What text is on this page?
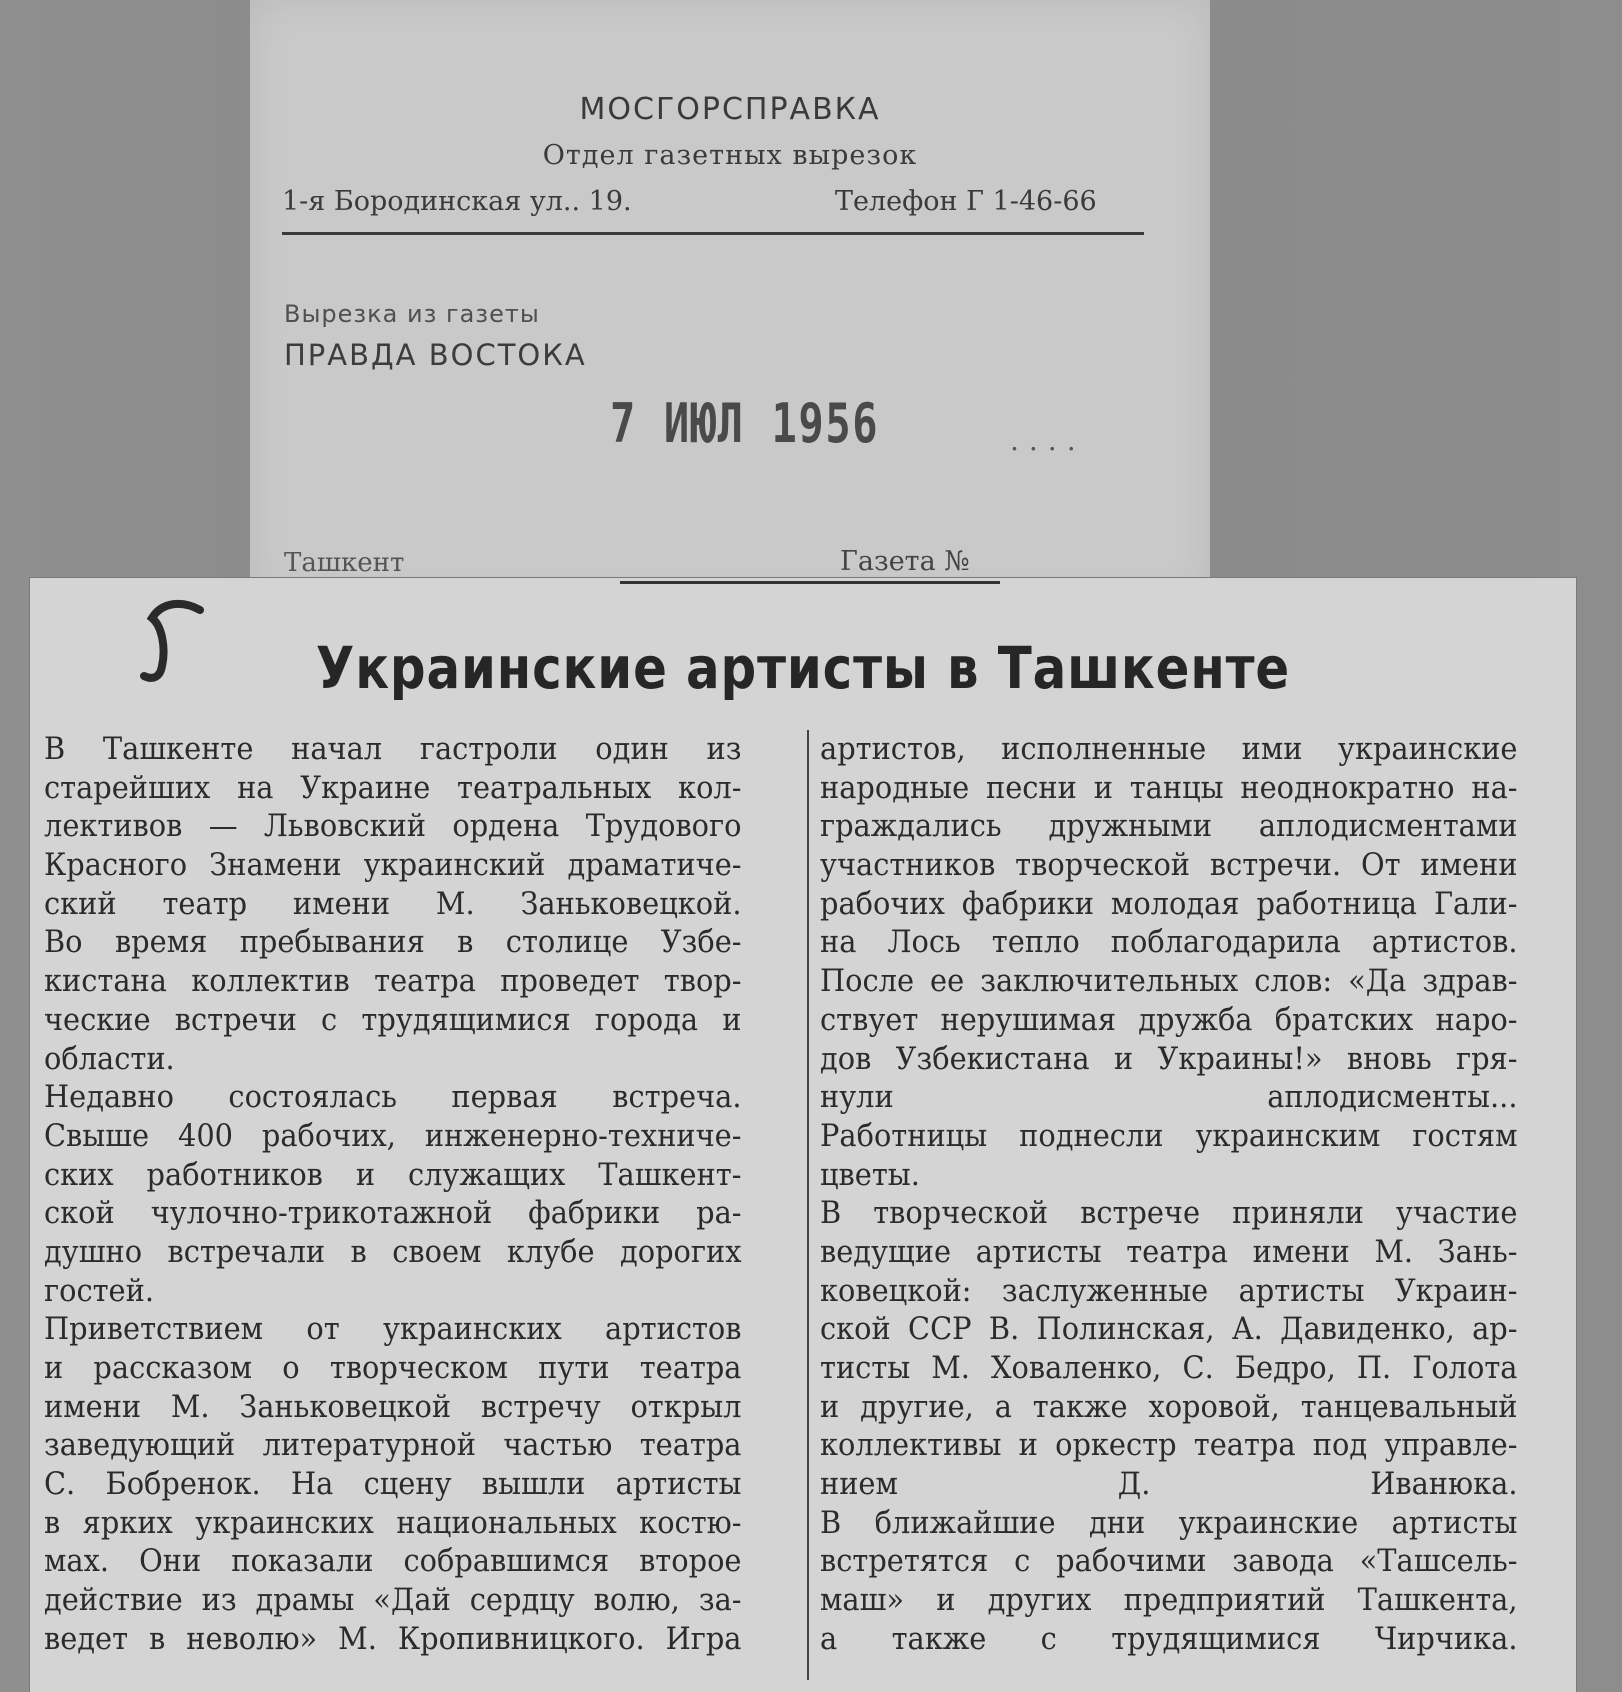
МОСГОРСПРАВКА
Отдел газетных вырезок
1-я Бородинская ул.. 19.	Телефон Г 1-46-66
Вырезка из газеты
ПРАВДА ВОСТОКА
7 ИЮЛ 1956	....
Ташкент	Газета №
Украинские артисты в Ташкенте
В Ташкенте начал гастроли один из
старейших на Украине театральных кол-
лективов — Львовский ордена Трудового
Красного Знамени украинский драматиче-
ский театр имени М. Заньковецкой.
Во время пребывания в столице Узбе-
кистана коллектив театра проведет твор-
ческие встречи с трудящимися города и
области.
Недавно состоялась первая встреча.
Свыше 400 рабочих, инженерно-техниче-
ских работников и служащих Ташкент-
ской чулочно-трикотажной фабрики ра-
душно встречали в своем клубе дорогих
гостей.
Приветствием от украинских артистов
и рассказом о творческом пути театра
имени М. Заньковецкой встречу открыл
заведующий литературной частью театра
С. Бобренок. На сцену вышли артисты
в ярких украинских национальных костю-
мах. Они показали собравшимся второе
действие из драмы «Дай сердцу волю, за-
ведет в неволю» М. Кропивницкого. Игра
артистов, исполненные ими украинские
народные песни и танцы неоднократно на-
граждались дружными аплодисментами
участников творческой встречи. От имени
рабочих фабрики молодая работница Гали-
на Лось тепло поблагодарила артистов.
После ее заключительных слов: «Да здрав-
ствует нерушимая дружба братских наро-
дов Узбекистана и Украины!» вновь гря-
нули аплодисменты...
Работницы поднесли украинским гостям
цветы.
В творческой встрече приняли участие
ведущие артисты театра имени М. Зань-
ковецкой: заслуженные артисты Украин-
ской ССР В. Полинская, А. Давиденко, ар-
тисты М. Ховаленко, С. Бедро, П. Голота
и другие, а также хоровой, танцевальный
коллективы и оркестр театра под управле-
нием Д. Иванюка.
В ближайшие дни украинские артисты
встретятся с рабочими завода «Ташсель-
маш» и других предприятий Ташкента,
а также с трудящимися Чирчика.
